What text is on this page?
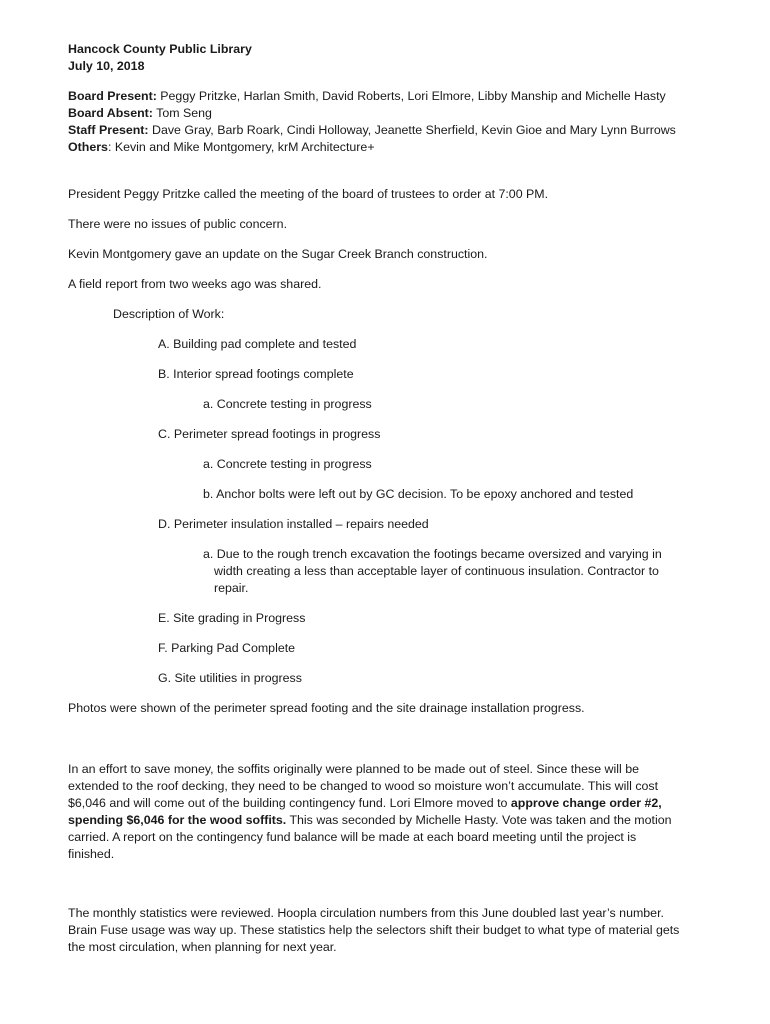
Hancock County Public Library
July 10, 2018
Board Present: Peggy Pritzke, Harlan Smith, David Roberts, Lori Elmore, Libby Manship and Michelle Hasty
Board Absent: Tom Seng
Staff Present: Dave Gray, Barb Roark, Cindi Holloway, Jeanette Sherfield, Kevin Gioe and Mary Lynn Burrows
Others: Kevin and Mike Montgomery, krM Architecture+
President Peggy Pritzke called the meeting of the board of trustees to order at 7:00 PM.
There were no issues of public concern.
Kevin Montgomery gave an update on the Sugar Creek Branch construction.
A field report from two weeks ago was shared.
Description of Work:
A. Building pad complete and tested
B. Interior spread footings complete
a. Concrete testing in progress
C. Perimeter spread footings in progress
a. Concrete testing in progress
b. Anchor bolts were left out by GC decision. To be epoxy anchored and tested
D. Perimeter insulation installed – repairs needed
a. Due to the rough trench excavation the footings became oversized and varying in width creating a less than acceptable layer of continuous insulation. Contractor to repair.
E. Site grading in Progress
F. Parking Pad Complete
G. Site utilities in progress
Photos were shown of the perimeter spread footing and the site drainage installation progress.
In an effort to save money, the soffits originally were planned to be made out of steel. Since these will be extended to the roof decking, they need to be changed to wood so moisture won’t accumulate. This will cost $6,046 and will come out of the building contingency fund. Lori Elmore moved to approve change order #2, spending $6,046 for the wood soffits. This was seconded by Michelle Hasty. Vote was taken and the motion carried. A report on the contingency fund balance will be made at each board meeting until the project is finished.
The monthly statistics were reviewed. Hoopla circulation numbers from this June doubled last year’s number. Brain Fuse usage was way up. These statistics help the selectors shift their budget to what type of material gets the most circulation, when planning for next year.
